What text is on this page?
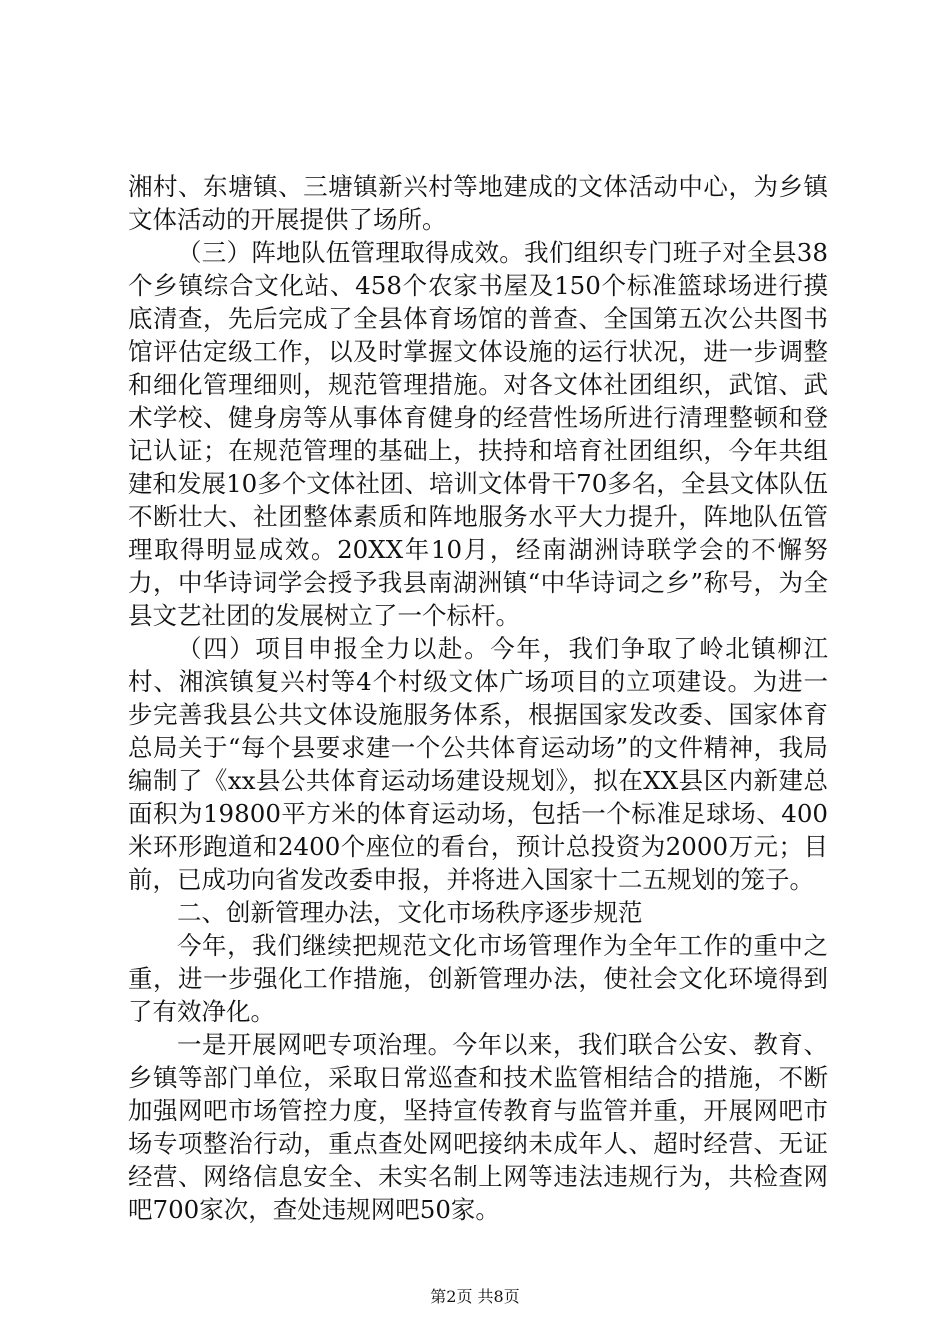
湘村、东塘镇、三塘镇新兴村等地建成的文体活动中心，为乡镇文体活动的开展提供了场所。

（三）阵地队伍管理取得成效。我们组织专门班子对全县38个乡镇综合文化站、458个农家书屋及150个标准篮球场进行摸底清查，先后完成了全县体育场馆的普查、全国第五次公共图书馆评估定级工作，以及时掌握文体设施的运行状况，进一步调整和细化管理细则，规范管理措施。对各文体社团组织，武馆、武术学校、健身房等从事体育健身的经营性场所进行清理整顿和登记认证；在规范管理的基础上，扶持和培育社团组织，今年共组建和发展10多个文体社团、培训文体骨干70多名，全县文体队伍不断壮大、社团整体素质和阵地服务水平大力提升，阵地队伍管理取得明显成效。20XX年10月，经南湖洲诗联学会的不懈努力，中华诗词学会授予我县南湖洲镇“中华诗词之乡”称号，为全县文艺社团的发展树立了一个标杆。

（四）项目申报全力以赴。今年，我们争取了岭北镇柳江村、湘滨镇复兴村等4个村级文体广场项目的立项建设。为进一步完善我县公共文体设施服务体系，根据国家发改委、国家体育总局关于“每个县要求建一个公共体育运动场”的文件精神，我局编制了《xx县公共体育运动场建设规划》，拟在XX县区内新建总面积为19800平方米的体育运动场，包括一个标准足球场、400米环形跑道和2400个座位的看台，预计总投资为2000万元；目前，已成功向省发改委申报，并将进入国家十二五规划的笼子。

二、创新管理办法，文化市场秩序逐步规范

今年，我们继续把规范文化市场管理作为全年工作的重中之重，进一步强化工作措施，创新管理办法，使社会文化环境得到了有效净化。

一是开展网吧专项治理。今年以来，我们联合公安、教育、乡镇等部门单位，采取日常巡查和技术监管相结合的措施，不断加强网吧市场管控力度，坚持宣传教育与监管并重，开展网吧市场专项整治行动，重点查处网吧接纳未成年人、超时经营、无证经营、网络信息安全、未实名制上网等违法违规行为，共检查网吧700家次，查处违规网吧50家。

第2页 共8页
